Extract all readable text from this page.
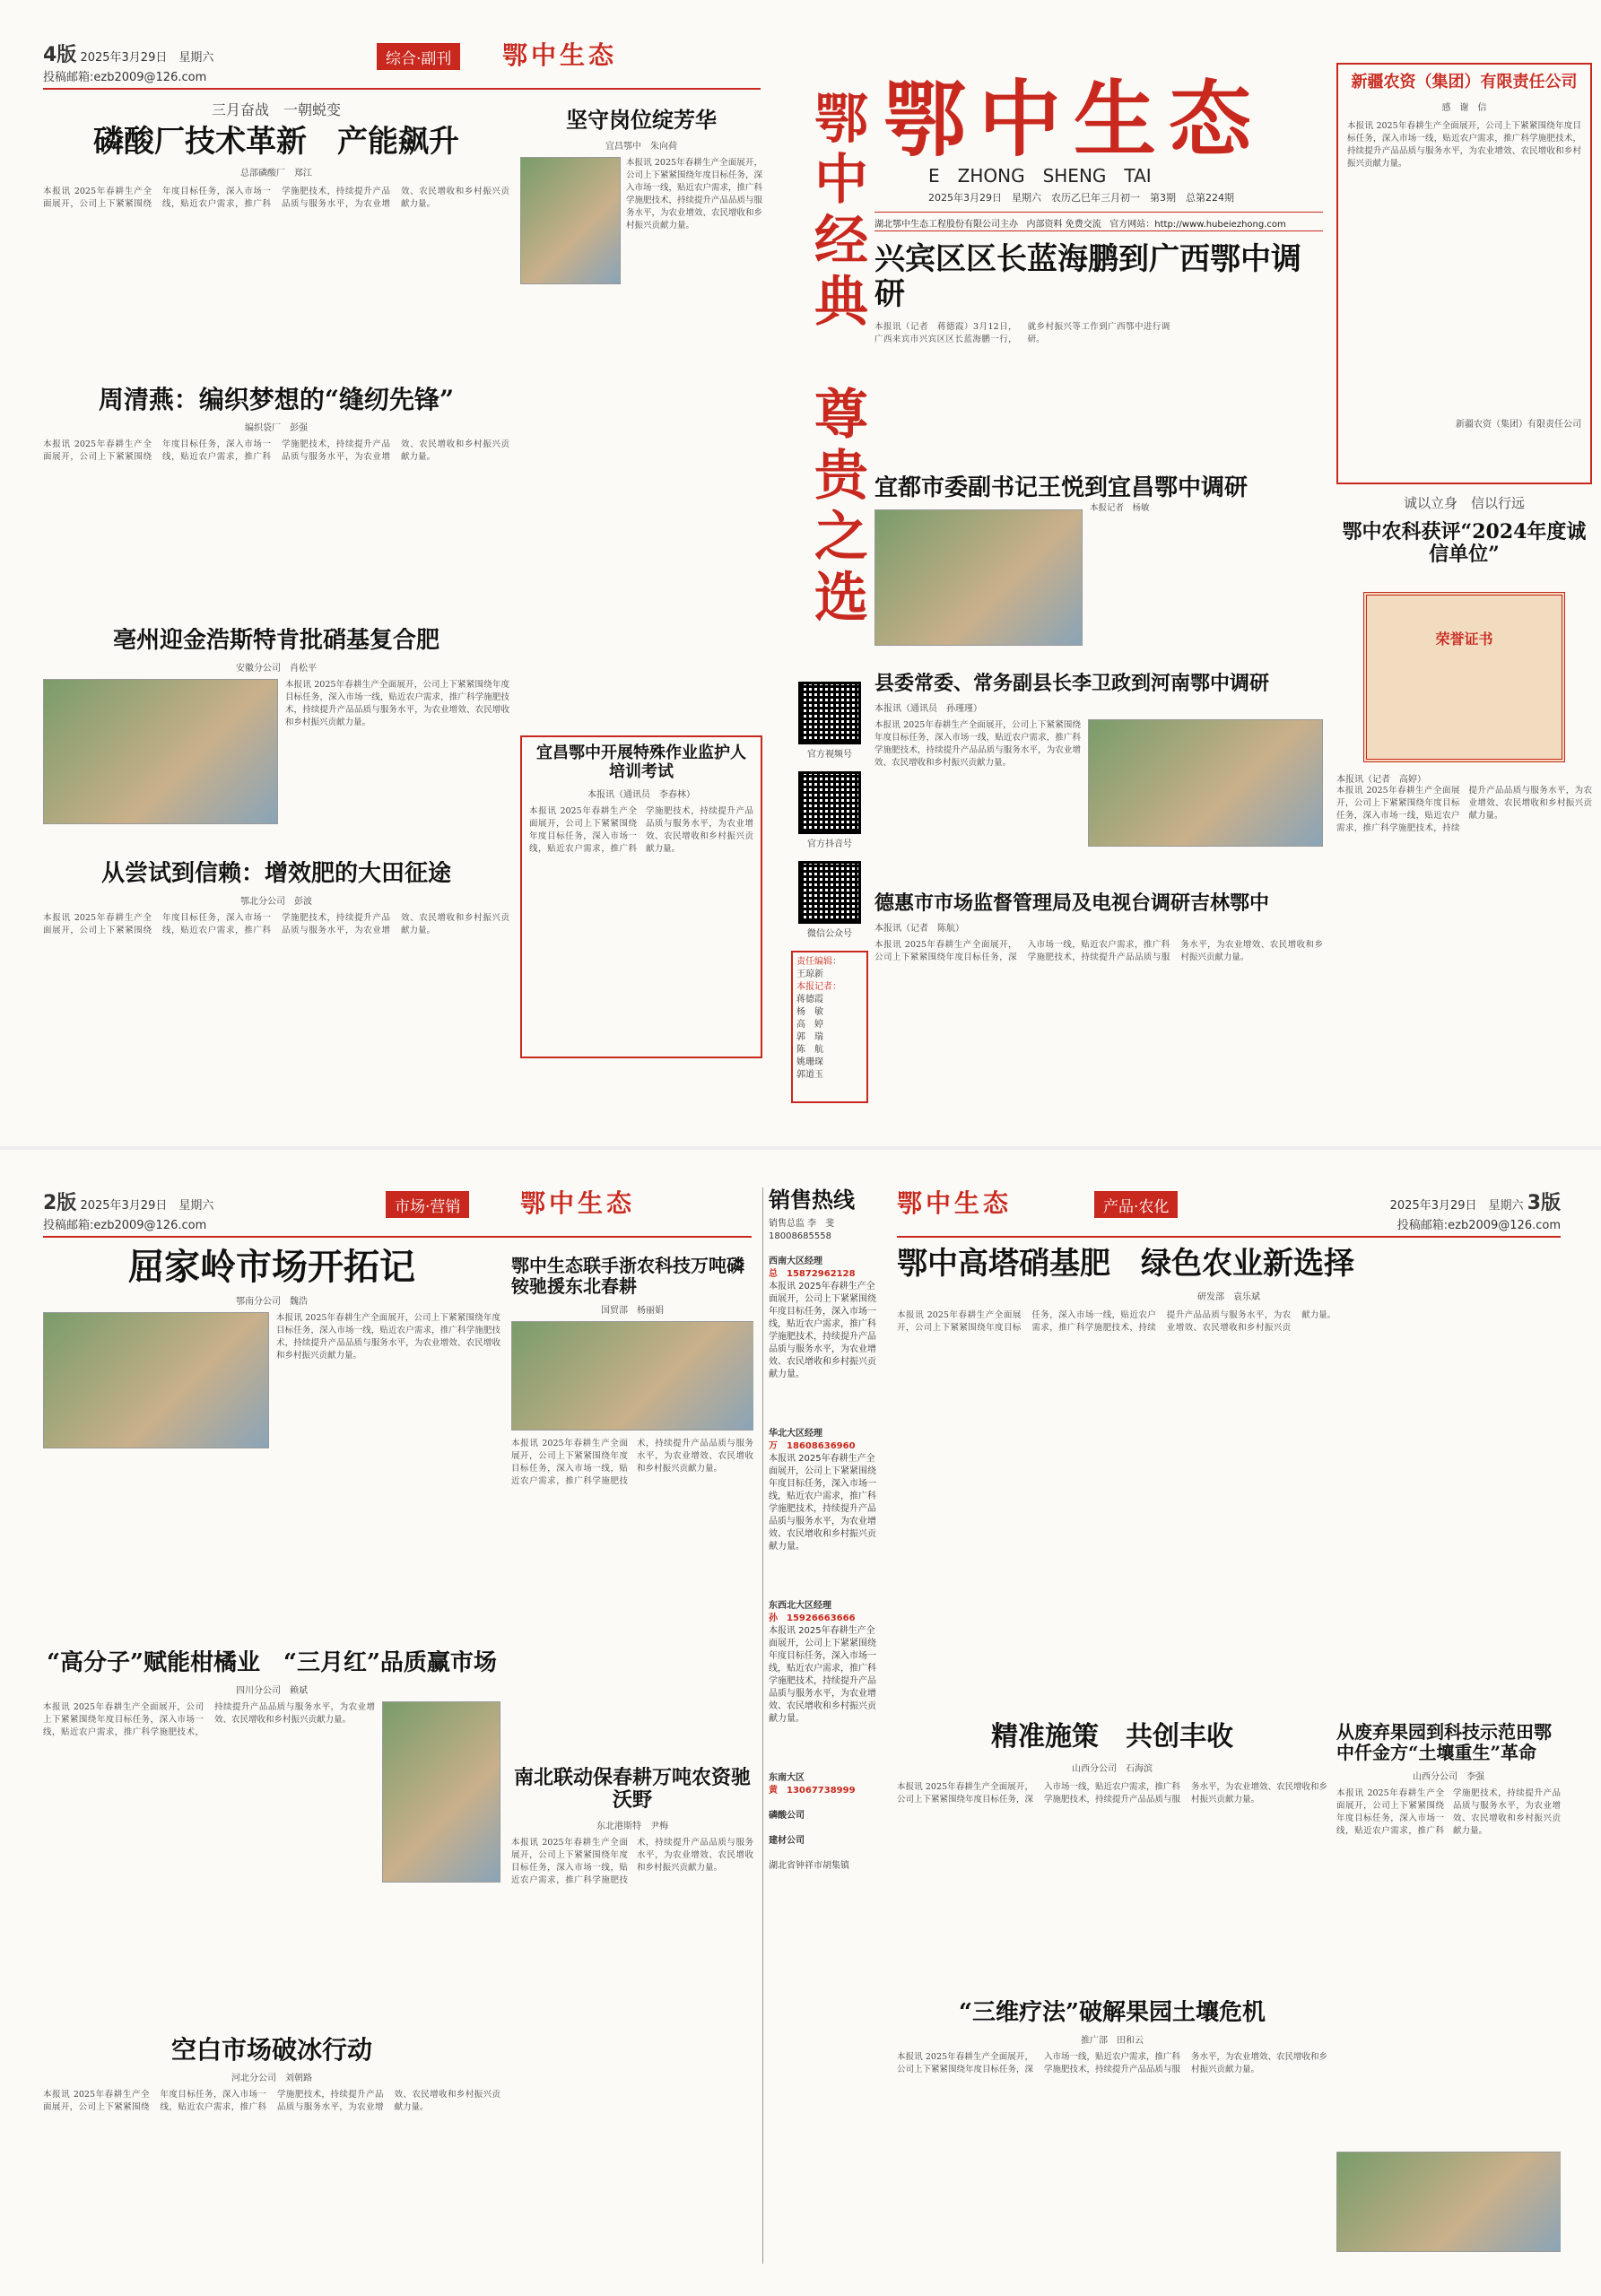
4版 2025年3月29日　星期六
投稿邮箱:ezb2009@126.com
综合·副刊	鄂中生态
三月奋战　一朝蜕变
磷酸厂技术革新　产能飙升
总部磷酸厂　郑江
本报讯 2025年春耕生产全面展开，公司上下紧紧围绕年度目标任务，深入市场一线，贴近农户需求，推广科学施肥技术，持续提升产品品质与服务水平，为农业增效、农民增收和乡村振兴贡献力量。
坚守岗位绽芳华
宜昌鄂中　朱向荷
本报讯 2025年春耕生产全面展开，公司上下紧紧围绕年度目标任务，深入市场一线，贴近农户需求，推广科学施肥技术，持续提升产品品质与服务水平，为农业增效、农民增收和乡村振兴贡献力量。
周清燕：编织梦想的“缝纫先锋”
编织袋厂　彭强
本报讯 2025年春耕生产全面展开，公司上下紧紧围绕年度目标任务，深入市场一线，贴近农户需求，推广科学施肥技术，持续提升产品品质与服务水平，为农业增效、农民增收和乡村振兴贡献力量。
宜昌鄂中开展特殊作业监护人培训考试
本报讯（通讯员　李春林）
本报讯 2025年春耕生产全面展开，公司上下紧紧围绕年度目标任务，深入市场一线，贴近农户需求，推广科学施肥技术，持续提升产品品质与服务水平，为农业增效、农民增收和乡村振兴贡献力量。
亳州迎金浩斯特肯批硝基复合肥
安徽分公司　肖松平
本报讯 2025年春耕生产全面展开，公司上下紧紧围绕年度目标任务，深入市场一线，贴近农户需求，推广科学施肥技术，持续提升产品品质与服务水平，为农业增效、农民增收和乡村振兴贡献力量。
从尝试到信赖：增效肥的大田征途
鄂北分公司　彭波
本报讯 2025年春耕生产全面展开，公司上下紧紧围绕年度目标任务，深入市场一线，贴近农户需求，推广科学施肥技术，持续提升产品品质与服务水平，为农业增效、农民增收和乡村振兴贡献力量。
鄂中经典
尊贵之选
官方视频号
官方抖音号
微信公众号
责任编辑：
王琼新
本报记者：
蒋德霞
杨　敏
高　婷
郭　瑞
陈　航
姚珊琛
郭道玉
鄂中生态
E　ZHONG　SHENG　TAI
2025年3月29日　星期六　农历乙巳年三月初一　第3期　总第224期
湖北鄂中生态工程股份有限公司主办 内部资料 免费交流 官方网站：http://www.hubeiezhong.com
兴宾区区长蓝海鹏到广西鄂中调研
本报讯（记者　蒋德霞）3月12日，广西来宾市兴宾区区长蓝海鹏一行，就乡村振兴等工作到广西鄂中进行调研。
宜都市委副书记王悦到宜昌鄂中调研
本报记者　杨敏
县委常委、常务副县长李卫政到河南鄂中调研
本报讯（通讯员　孙瑾瑾）
本报讯 2025年春耕生产全面展开，公司上下紧紧围绕年度目标任务，深入市场一线，贴近农户需求，推广科学施肥技术，持续提升产品品质与服务水平，为农业增效、农民增收和乡村振兴贡献力量。
德惠市市场监督管理局及电视台调研吉林鄂中
本报讯（记者　陈航）
本报讯 2025年春耕生产全面展开，公司上下紧紧围绕年度目标任务，深入市场一线，贴近农户需求，推广科学施肥技术，持续提升产品品质与服务水平，为农业增效、农民增收和乡村振兴贡献力量。
新疆农资（集团）有限责任公司
感　谢　信
本报讯 2025年春耕生产全面展开，公司上下紧紧围绕年度目标任务，深入市场一线，贴近农户需求，推广科学施肥技术，持续提升产品品质与服务水平，为农业增效、农民增收和乡村振兴贡献力量。
新疆农资（集团）有限责任公司
诚以立身　信以行远
鄂中农科获评“2024年度诚信单位”
荣誉证书
本报讯（记者　高婷）
本报讯 2025年春耕生产全面展开，公司上下紧紧围绕年度目标任务，深入市场一线，贴近农户需求，推广科学施肥技术，持续提升产品品质与服务水平，为农业增效、农民增收和乡村振兴贡献力量。
2版 2025年3月29日　星期六
投稿邮箱:ezb2009@126.com
市场·营销	鄂中生态
屈家岭市场开拓记
鄂南分公司　魏浩
本报讯 2025年春耕生产全面展开，公司上下紧紧围绕年度目标任务，深入市场一线，贴近农户需求，推广科学施肥技术，持续提升产品品质与服务水平，为农业增效、农民增收和乡村振兴贡献力量。
鄂中生态联手浙农科技万吨磷铵驰援东北春耕
国贸部　杨丽娟
本报讯 2025年春耕生产全面展开，公司上下紧紧围绕年度目标任务，深入市场一线，贴近农户需求，推广科学施肥技术，持续提升产品品质与服务水平，为农业增效、农民增收和乡村振兴贡献力量。
“高分子”赋能柑橘业　“三月红”品质赢市场
四川分公司　赖斌
本报讯 2025年春耕生产全面展开，公司上下紧紧围绕年度目标任务，深入市场一线，贴近农户需求，推广科学施肥技术，持续提升产品品质与服务水平，为农业增效、农民增收和乡村振兴贡献力量。
南北联动保春耕万吨农资驰沃野
东北港斯特　尹梅
本报讯 2025年春耕生产全面展开，公司上下紧紧围绕年度目标任务，深入市场一线，贴近农户需求，推广科学施肥技术，持续提升产品品质与服务水平，为农业增效、农民增收和乡村振兴贡献力量。
空白市场破冰行动
河北分公司　刘朝路
本报讯 2025年春耕生产全面展开，公司上下紧紧围绕年度目标任务，深入市场一线，贴近农户需求，推广科学施肥技术，持续提升产品品质与服务水平，为农业增效、农民增收和乡村振兴贡献力量。
销售热线
销售总监 李　斐　18008685558
西南大区经理
总　15872962128
本报讯 2025年春耕生产全面展开，公司上下紧紧围绕年度目标任务，深入市场一线，贴近农户需求，推广科学施肥技术，持续提升产品品质与服务水平，为农业增效、农民增收和乡村振兴贡献力量。
华北大区经理
万　18608636960
本报讯 2025年春耕生产全面展开，公司上下紧紧围绕年度目标任务，深入市场一线，贴近农户需求，推广科学施肥技术，持续提升产品品质与服务水平，为农业增效、农民增收和乡村振兴贡献力量。
东西北大区经理
孙　15926663666
本报讯 2025年春耕生产全面展开，公司上下紧紧围绕年度目标任务，深入市场一线，贴近农户需求，推广科学施肥技术，持续提升产品品质与服务水平，为农业增效、农民增收和乡村振兴贡献力量。
东南大区
黄　13067738999
磷酸公司
建材公司
湖北省钟祥市胡集镇
鄂中生态	产品·农化	2025年3月29日　星期六 3版
投稿邮箱:ezb2009@126.com
鄂中高塔硝基肥　绿色农业新选择
研发部　袁乐斌
本报讯 2025年春耕生产全面展开，公司上下紧紧围绕年度目标任务，深入市场一线，贴近农户需求，推广科学施肥技术，持续提升产品品质与服务水平，为农业增效、农民增收和乡村振兴贡献力量。
精准施策　共创丰收
山西分公司　石海滨
本报讯 2025年春耕生产全面展开，公司上下紧紧围绕年度目标任务，深入市场一线，贴近农户需求，推广科学施肥技术，持续提升产品品质与服务水平，为农业增效、农民增收和乡村振兴贡献力量。
从废弃果园到科技示范田鄂中仟金方“土壤重生”革命
山西分公司　李强
本报讯 2025年春耕生产全面展开，公司上下紧紧围绕年度目标任务，深入市场一线，贴近农户需求，推广科学施肥技术，持续提升产品品质与服务水平，为农业增效、农民增收和乡村振兴贡献力量。
“三维疗法”破解果园土壤危机
推广部　田和云
本报讯 2025年春耕生产全面展开，公司上下紧紧围绕年度目标任务，深入市场一线，贴近农户需求，推广科学施肥技术，持续提升产品品质与服务水平，为农业增效、农民增收和乡村振兴贡献力量。
